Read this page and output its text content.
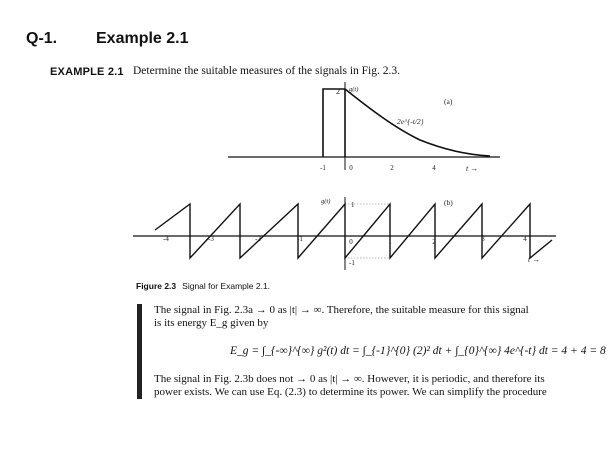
Q-1. Example 2.1
EXAMPLE 2.1 Determine the suitable measures of the signals in Fig. 2.3.
2 g(t)
2e^{-t/2}
(a)
-1	0	2	4	t →
g(t)	1
-1
(b)
-4	-3	-2	-1	0	1	2	3	4
t →
Figure 2.3 Signal for Example 2.1.
The signal in Fig. 2.3a → 0 as |t| → ∞. Therefore, the suitable measure for this signal
is its energy E_g given by
E_g = ∫_{-∞}^{∞} g²(t) dt = ∫_{-1}^{0} (2)² dt + ∫_{0}^{∞} 4e^{-t} dt = 4 + 4 = 8
The signal in Fig. 2.3b does not → 0 as |t| → ∞. However, it is periodic, and therefore its
power exists. We can use Eq. (2.3) to determine its power. We can simplify the procedure
